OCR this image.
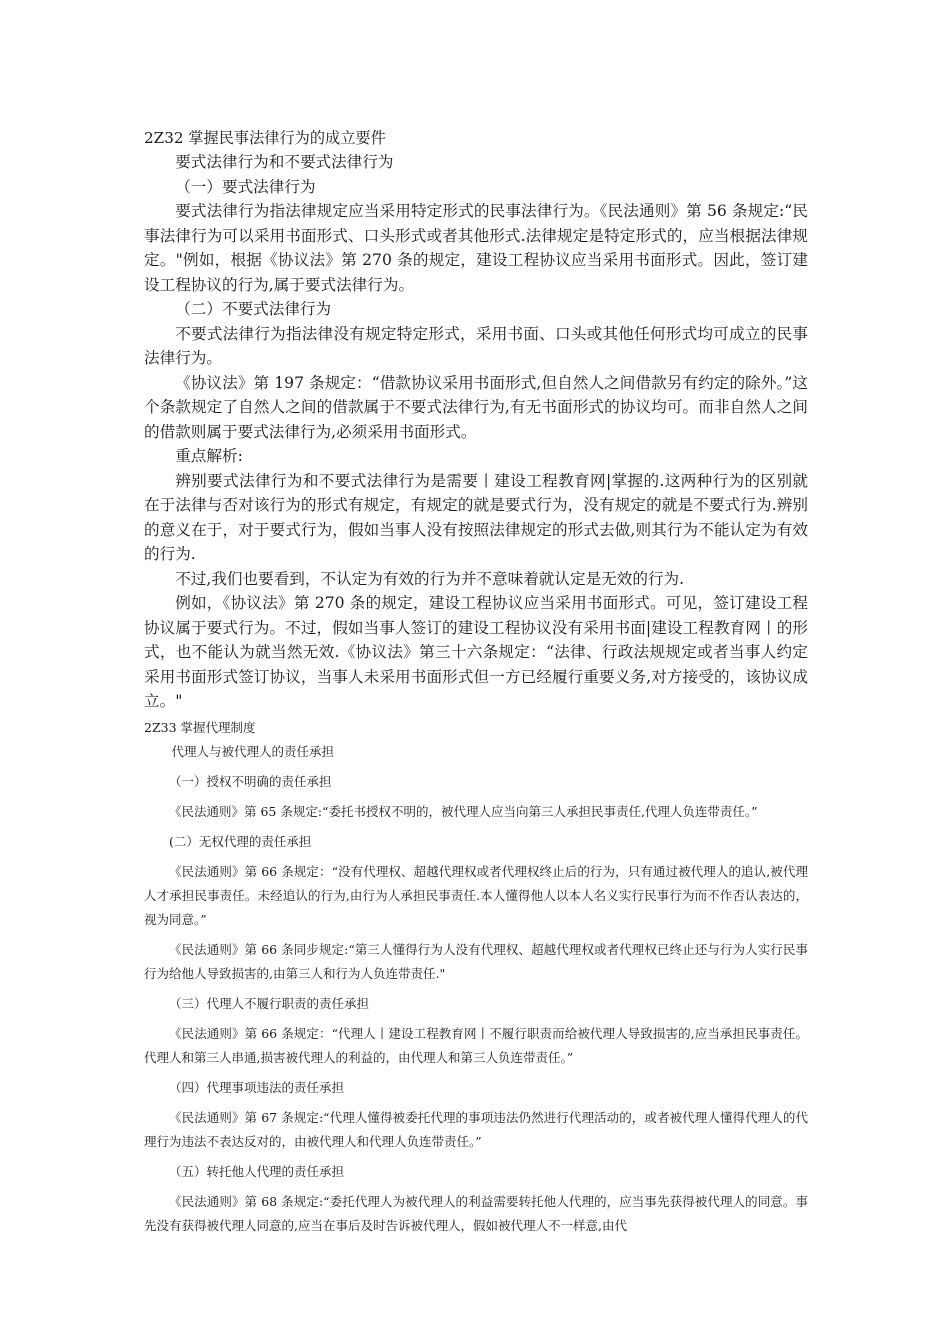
2Z32 掌握民事法律行为的成立要件

要式法律行为和不要式法律行为

（一）要式法律行为

要式法律行为指法律规定应当采用特定形式的民事法律行为。《民法通则》第 56 条规定:“民事法律行为可以采用书面形式、口头形式或者其他形式.法律规定是特定形式的，应当根据法律规定。"例如，根据《协议法》第 270 条的规定，建设工程协议应当采用书面形式。因此，签订建设工程协议的行为,属于要式法律行为。

（二）不要式法律行为

不要式法律行为指法律没有规定特定形式，采用书面、口头或其他任何形式均可成立的民事法律行为。

《协议法》第 197 条规定：“借款协议采用书面形式,但自然人之间借款另有约定的除外。”这个条款规定了自然人之间的借款属于不要式法律行为,有无书面形式的协议均可。而非自然人之间的借款则属于要式法律行为,必须采用书面形式。

重点解析:

辨别要式法律行为和不要式法律行为是需要丨建设工程教育网|掌握的.这两种行为的区别就在于法律与否对该行为的形式有规定，有规定的就是要式行为，没有规定的就是不要式行为.辨别的意义在于，对于要式行为，假如当事人没有按照法律规定的形式去做,则其行为不能认定为有效的行为.

不过,我们也要看到，不认定为有效的行为并不意味着就认定是无效的行为.

例如，《协议法》第 270 条的规定，建设工程协议应当采用书面形式。可见，签订建设工程协议属于要式行为。不过，假如当事人签订的建设工程协议没有采用书面|建设工程教育网丨的形式，也不能认为就当然无效.《协议法》第三十六条规定：“法律、行政法规规定或者当事人约定采用书面形式签订协议，当事人未采用书面形式但一方已经履行重要义务,对方接受的，该协议成立。"

2Z33 掌握代理制度

代理人与被代理人的责任承担

（一）授权不明确的责任承担

《民法通则》第 65 条规定:“委托书授权不明的，被代理人应当向第三人承担民事责任,代理人负连带责任。”

(二）无权代理的责任承担

《民法通则》第 66 条规定：“没有代理权、超越代理权或者代理权终止后的行为，只有通过被代理人的追认,被代理人才承担民事责任。未经追认的行为,由行为人承担民事责任.本人懂得他人以本人名义实行民事行为而不作否认表达的，视为同意。”

《民法通则》第 66 条同步规定:“第三人懂得行为人没有代理权、超越代理权或者代理权已终止还与行为人实行民事行为给他人导致损害的,由第三人和行为人负连带责任."

（三）代理人不履行职责的责任承担

《民法通则》第 66 条规定：“代理人丨建设工程教育网丨不履行职责而给被代理人导致损害的,应当承担民事责任。代理人和第三人串通,损害被代理人的利益的，由代理人和第三人负连带责任。”

（四）代理事项违法的责任承担

《民法通则》第 67 条规定:“代理人懂得被委托代理的事项违法仍然进行代理活动的，或者被代理人懂得代理人的代理行为违法不表达反对的，由被代理人和代理人负连带责任。”

（五）转托他人代理的责任承担

《民法通则》第 68 条规定:“委托代理人为被代理人的利益需要转托他人代理的，应当事先获得被代理人的同意。事先没有获得被代理人同意的,应当在事后及时告诉被代理人，假如被代理人不一样意,由代
